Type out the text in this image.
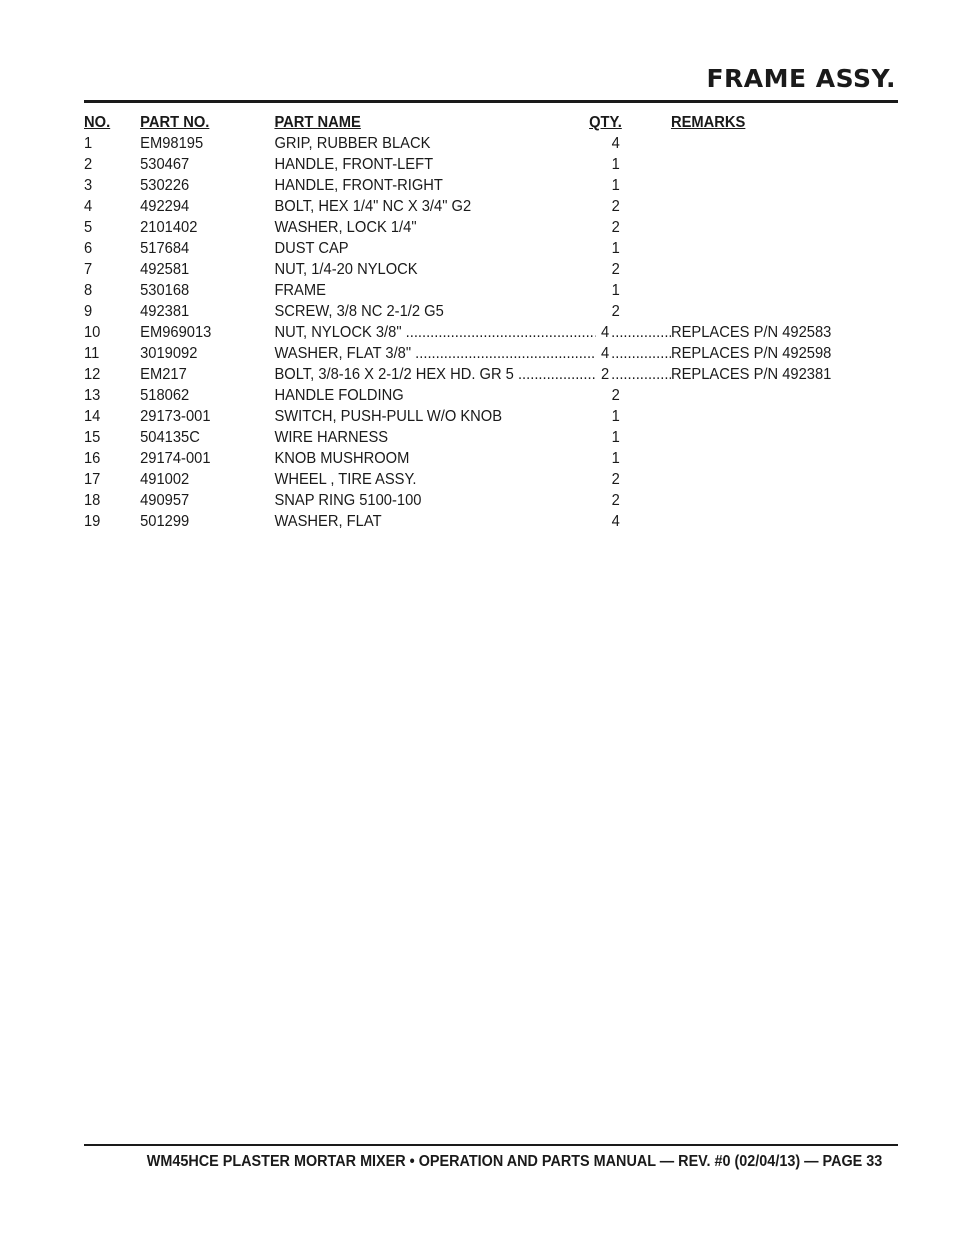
FRAME ASSY.
NO. PART NO.	PART NAME	QTY.	REMARKS
1	EM98195	GRIP, RUBBER BLACK	4
2	530467	HANDLE, FRONT-LEFT	1
3	530226	HANDLE, FRONT-RIGHT	1
4	492294	BOLT, HEX 1/4" NC X 3/4" G2	2
5	2101402	WASHER, LOCK 1/4"	2
6	517684	DUST CAP	1
7	492581	NUT, 1/4-20 NYLOCK	2
8	530168	FRAME	1
9	492381	SCREW, 3/8 NC 2-1/2 G5	2
10 EM969013	NUT, NYLOCK 3/8" .....	4 .....	REPLACES P/N 492583
11	3019092	WASHER, FLAT 3/8" .....	4 .....	REPLACES P/N 492598
12 EM217	BOLT, 3/8-16 X 2-1/2 HEX HD. GR 5 .....	2 .....	REPLACES P/N 492381
13 518062	HANDLE FOLDING	2
14 29173-001	SWITCH, PUSH-PULL W/O KNOB	1
15 504135C	WIRE HARNESS	1
16 29174-001	KNOB MUSHROOM	1
17 491002	WHEEL , TIRE ASSY.	2
18 490957	SNAP RING 5100-100	2
19 501299	WASHER, FLAT	4
WM45HCE PLASTER MORTAR MIXER • OPERATION AND PARTS MANUAL — REV. #0 (02/04/13) — PAGE 33
